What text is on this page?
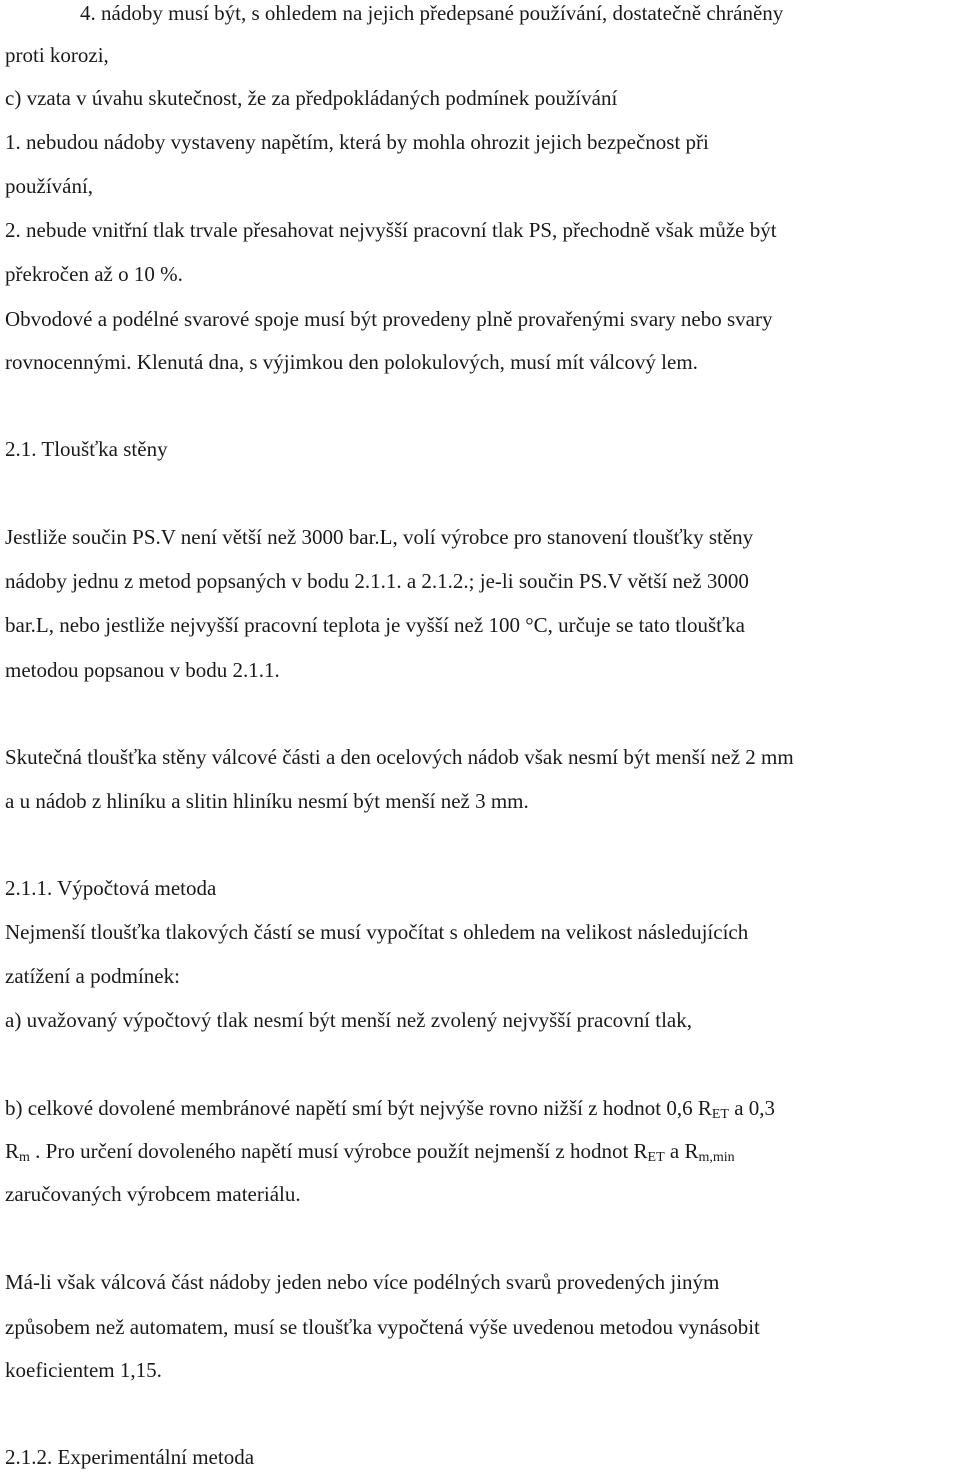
4. nádoby musí být, s ohledem na jejich předepsané používání, dostatečně chráněny
proti korozi,
c) vzata v úvahu skutečnost, že za předpokládaných podmínek používání
1. nebudou nádoby vystaveny napětím, která by mohla ohrozit jejich bezpečnost při
používání,
2. nebude vnitřní tlak trvale přesahovat nejvyšší pracovní tlak PS, přechodně však může být
překročen až o 10 %.
Obvodové a podélné svarové spoje musí být provedeny plně provařenými svary nebo svary
rovnocennými. Klenutá dna, s výjimkou den polokulových, musí mít válcový lem.
2.1. Tloušťka stěny
Jestliže součin PS.V není větší než 3000 bar.L, volí výrobce pro stanovení tloušťky stěny
nádoby jednu z metod popsaných v bodu 2.1.1. a 2.1.2.; je-li součin PS.V větší než 3000
bar.L, nebo jestliže nejvyšší pracovní teplota je vyšší než 100 °C, určuje se tato tloušťka
metodou popsanou v bodu 2.1.1.
Skutečná tloušťka stěny válcové části a den ocelových nádob však nesmí být menší než 2 mm
a u nádob z hliníku a slitin hliníku nesmí být menší než 3 mm.
2.1.1. Výpočtová metoda
Nejmenší tloušťka tlakových částí se musí vypočítat s ohledem na velikost následujících
zatížení a podmínek:
a) uvažovaný výpočtový tlak nesmí být menší než zvolený nejvyšší pracovní tlak,
b) celkové dovolené membránové napětí smí být nejvýše rovno nižší z hodnot 0,6 $R_{ET}$ a 0,3
$R_m$ . Pro určení dovoleného napětí musí výrobce použít nejmenší z hodnot $R_{ET}$ a $R_{m,min}$
zaručovaných výrobcem materiálu.
Má-li však válcová část nádoby jeden nebo více podélných svarů provedených jiným
způsobem než automatem, musí se tloušťka vypočtená výše uvedenou metodou vynásobit
koeficientem 1,15.
2.1.2. Experimentální metoda
